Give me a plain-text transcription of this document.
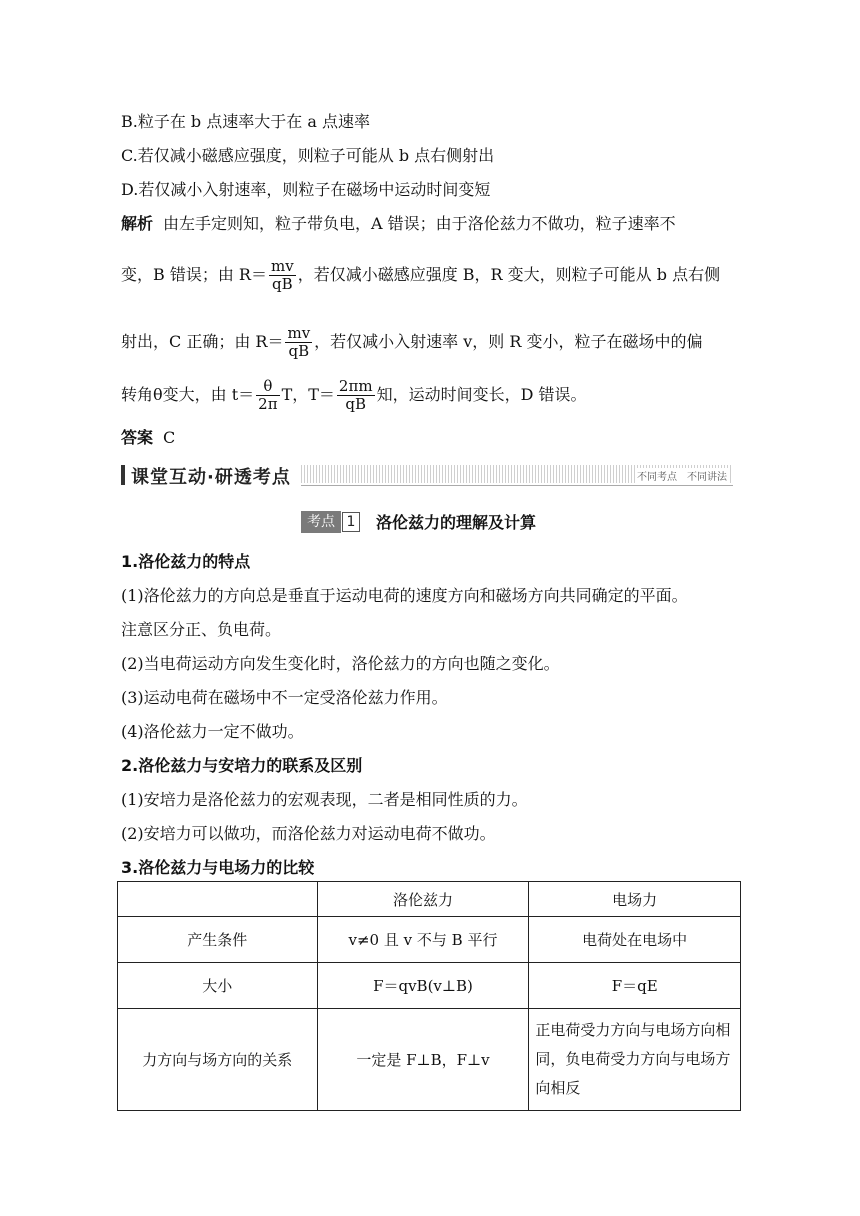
B.粒子在 b 点速率大于在 a 点速率
C.若仅减小磁感应强度，则粒子可能从 b 点右侧射出
D.若仅减小入射速率，则粒子在磁场中运动时间变短
解析 由左手定则知，粒子带负电，A 错误；由于洛伦兹力不做功，粒子速率不
变，B 错误；由 $R= \frac{mv}{qB}$ ，若仅减小磁感应强度 B，R 变大，则粒子可能从 b 点右侧
射出，C 正确；由 $R= \frac{mv}{qB}$ ，若仅减小入射速率 v，则 R 变小，粒子在磁场中的偏
转角θ变大，由 $t= \frac{\theta}{2\pi}$ T，$T= \frac{2\pi m}{qB}$ 知，运动时间变长，D 错误。
答案 C
课堂互动·研透考点	不同考点　不同讲法
考点 1 洛伦兹力的理解及计算
1.洛伦兹力的特点
(1)洛伦兹力的方向总是垂直于运动电荷的速度方向和磁场方向共同确定的平面。
注意区分正、负电荷。
(2)当电荷运动方向发生变化时，洛伦兹力的方向也随之变化。
(3)运动电荷在磁场中不一定受洛伦兹力作用。
(4)洛伦兹力一定不做功。
2.洛伦兹力与安培力的联系及区别
(1)安培力是洛伦兹力的宏观表现，二者是相同性质的力。
(2)安培力可以做功，而洛伦兹力对运动电荷不做功。
3.洛伦兹力与电场力的比较
	洛伦兹力	电场力
产生条件	v≠0 且 v 不与 B 平行	电荷处在电场中
大小	F＝qvB(v⊥B)	F＝qE
力方向与场方向的关系	一定是 F⊥B，F⊥v	正电荷受力方向与电场方向相同，负电荷受力方向与电场方向相反
